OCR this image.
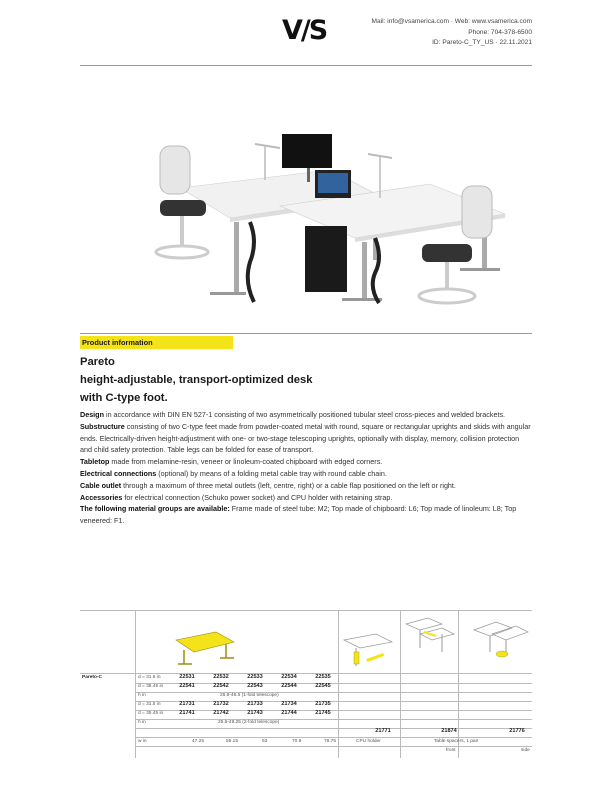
V/S	Mail: info@vsamerica.com · Web: www.vsamerica.com
Phone: 704-378-6500
ID: Pareto-C_TY_US · 22.11.2021
Product information
Pareto
height-adjustable, transport-optimized desk
with C-type foot.

Design in accordance with DIN EN 527-1 consisting of two asymmetrically positioned tubular steel cross-pieces and welded brackets.

Substructure consisting of two C-type feet made from powder-coated metal with round, square or rectangular uprights and skids with angular ends. Electrically-driven height-adjustment with one- or two-stage telescoping uprights, optionally with display, memory, collision protection and child safety protection. Table legs can be folded for ease of transport.

Tabletop made from melamine-resin, veneer or linoleum-coated chipboard with edged corners.

Electrical connections (optional) by means of a folding metal cable tray with round cable chain.

Cable outlet through a maximum of three metal outlets (left, centre, right) or a cable flap positioned on the left or right.

Accessories for electrical connection (Schuko power socket) and CPU holder with retaining strap.

The following material groups are available: Frame made of steel tube: M2; Top made of chipboard: L6; Top made of linoleum: L8; Top veneered: F1.

Pareto-C	d = 31.5 in	22531	22532	22533	22534	22535
d = 35.45 in	22541	22542	22543	22544	22545
h in	26.8-46.5 (1-fold telescope)
d = 31.5 in	21731	21732	21733	21734	21735
d = 35.45 in	21741	21742	21743	21744	21745
h in	25.6-49.25 (2-fold telescope)
21771	21874	21776
w in	47.25	55.15	63	70.9	78.75	CPU holder	Table spacers, 1 pair
front	side
